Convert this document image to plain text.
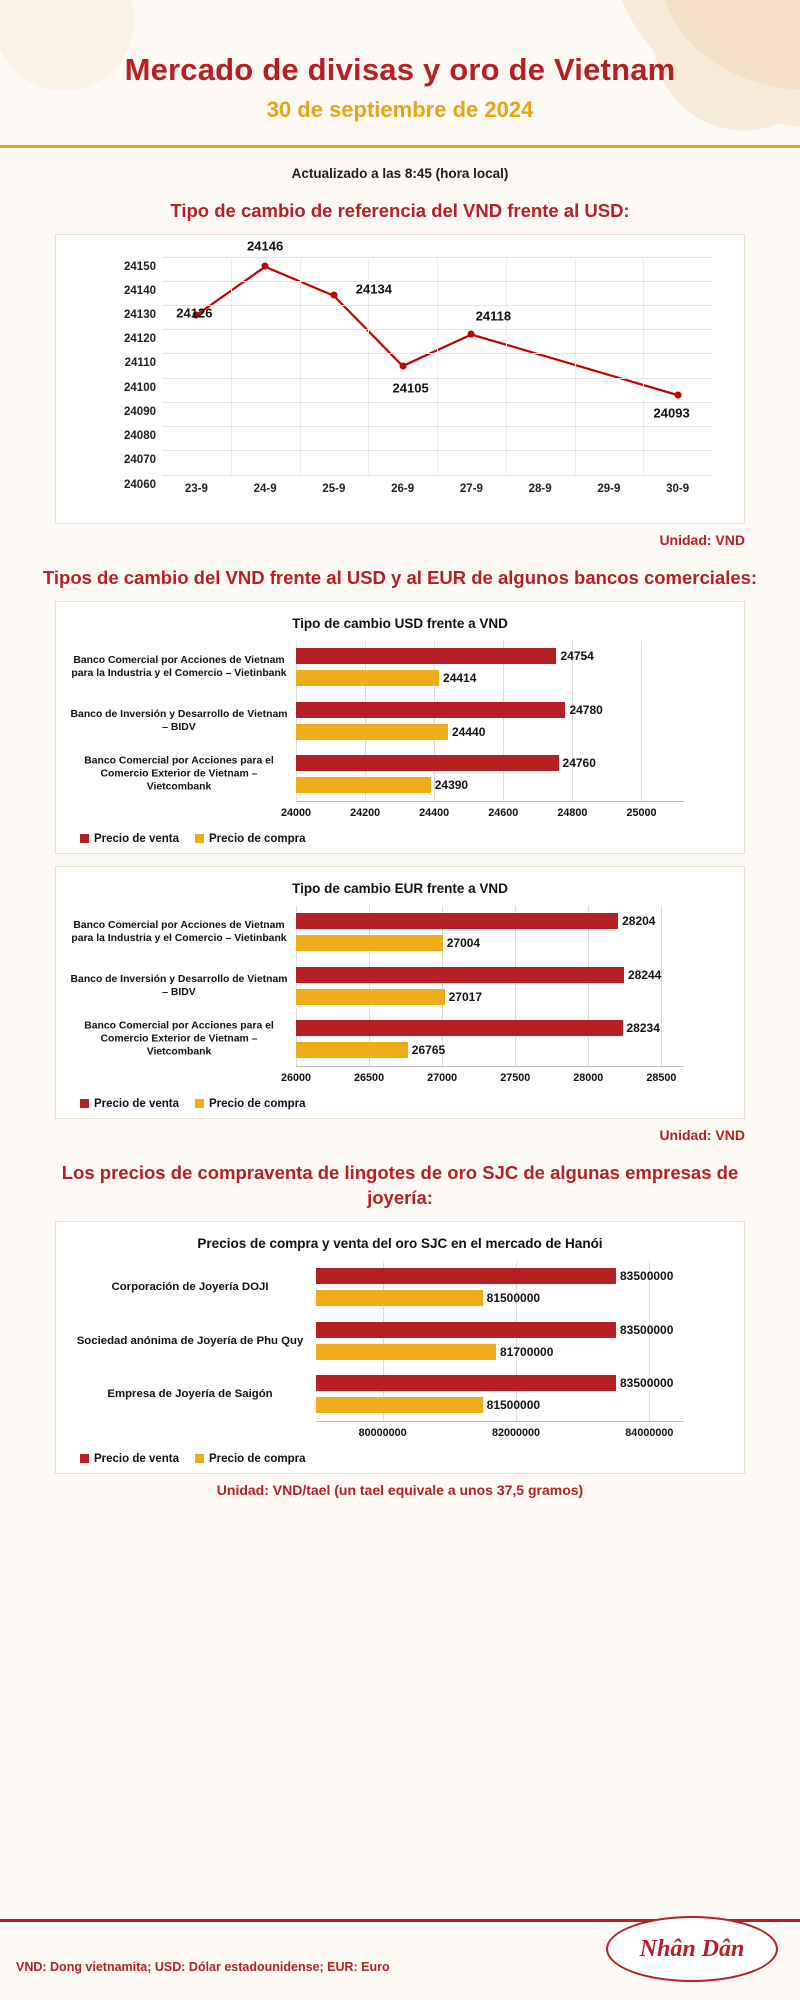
Mercado de divisas y oro de Vietnam
30 de septiembre de 2024
Actualizado a las 8:45 (hora local)
Tipo de cambio de referencia del VND frente al USD:
24060
24070
24080
24090
24100
24110
24120
24130
24140
24150
24126
24146
24134
24105
24118
24093
23-9	24-9	25-9	26-9	27-9	28-9	29-9	30-9
Unidad: VND
Tipos de cambio del VND frente al USD y al EUR de algunos bancos comerciales:
Tipo de cambio USD frente a VND
24000	24200	24400	24600	24800	25000
Banco Comercial por Acciones de Vietnam para la Industria y el Comercio – Vietinbank
24754
24414
Banco de Inversión y Desarrollo de Vietnam – BIDV
24780
24440
Banco Comercial por Acciones para el Comercio Exterior de Vietnam – Vietcombank
24760
24390
Precio de venta	Precio de compra
Tipo de cambio EUR frente a VND
26000	26500	27000	27500	28000	28500
Banco Comercial por Acciones de Vietnam para la Industria y el Comercio – Vietinbank
28204
27004
Banco de Inversión y Desarrollo de Vietnam – BIDV
28244
27017
Banco Comercial por Acciones para el Comercio Exterior de Vietnam – Vietcombank
28234
26765
Precio de venta	Precio de compra
Unidad: VND
Los precios de compraventa de lingotes de oro SJC de algunas empresas de joyería:
Precios de compra y venta del oro SJC en el mercado de Hanói
80000000	82000000	84000000
Corporación de Joyería DOJI
83500000
81500000
Sociedad anónima de Joyería de Phu Quy
83500000
81700000
Empresa de Joyería de Saigón
83500000
81500000
Precio de venta	Precio de compra
Unidad: VND/tael (un tael equivale a unos 37,5 gramos)
VND: Dong vietnamita; USD: Dólar estadounidense; EUR: Euro
Nhân Dân
